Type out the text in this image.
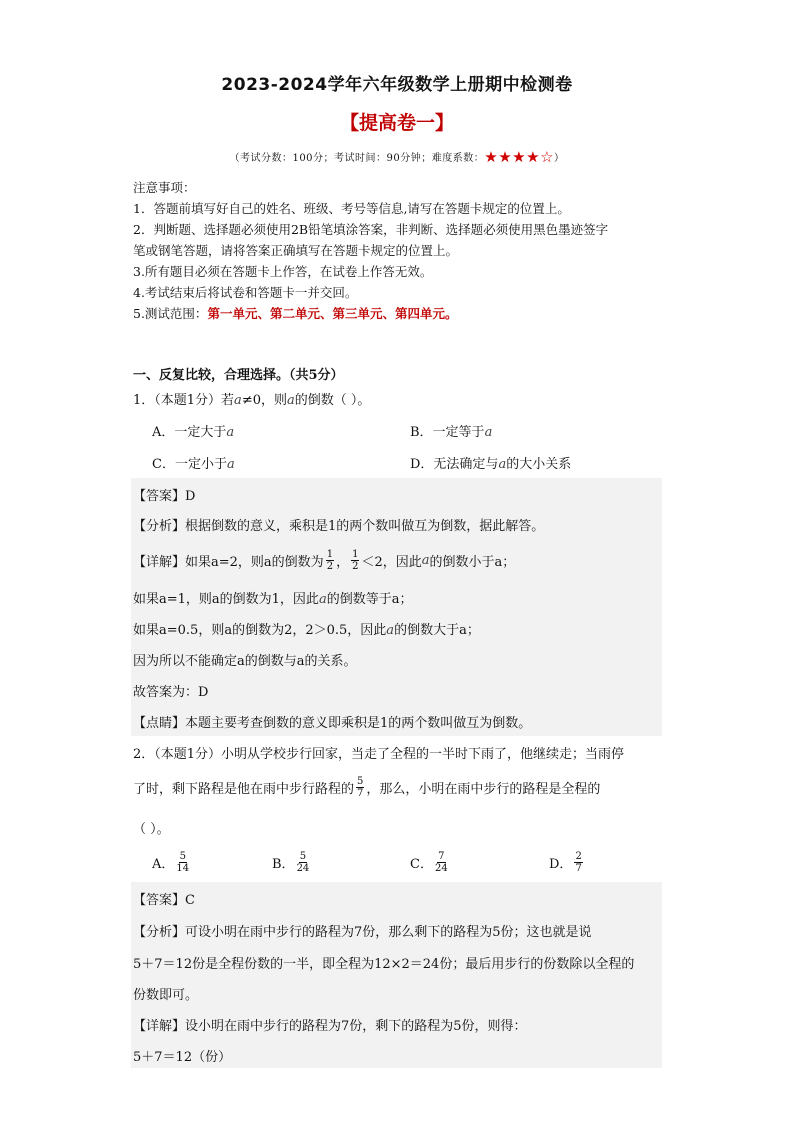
2023-2024学年六年级数学上册期中检测卷
【提高卷一】
（考试分数：100分；考试时间：90分钟；难度系数：★★★★☆）
注意事项：
1．答题前填写好自己的姓名、班级、考号等信息,请写在答题卡规定的位置上。
2．判断题、选择题必须使用2B铅笔填涂答案，非判断、选择题必须使用黑色墨迹签字
笔或钢笔答题，请将答案正确填写在答题卡规定的位置上。
3.所有题目必须在答题卡上作答，在试卷上作答无效。
4.考试结束后将试卷和答题卡一并交回。
5.测试范围：第一单元、第二单元、第三单元、第四单元。
一、反复比较，合理选择。（共5分）
1．（本题1分）若a≠0，则a的倒数（ ）。
A．一定大于a	B．一定等于a
C．一定小于a	D．无法确定与a的大小关系
【答案】D
【分析】根据倒数的意义，乘积是1的两个数叫做互为倒数，据此解答。
【详解】 如果a=2，则a的倒数为 $\frac{1}{2}$ ， $\frac{1}{2} <2$，因此 a 的倒数小于a；
如果a=1，则a的倒数为1，因此a的倒数等于a；
如果a=0.5，则a的倒数为2，2＞0.5，因此a的倒数大于a；
因为所以不能确定a的倒数与a的关系。
故答案为：D
【点睛】本题主要考查倒数的意义即乘积是1的两个数叫做互为倒数。
2．（本题1分）小明从学校步行回家，当走了全程的一半时下雨了，他继续走；当雨停
了时，剩下路程是他在雨中步行路程的 $\frac{5}{7}$ ，那么，小明在雨中步行的路程是全程的
（ ）。
A． $\frac{5}{14}$	B． $\frac{5}{24}$	C． $\frac{7}{24}$	D． $\frac{2}{7}$
【答案】C
【分析】可设小明在雨中步行的路程为7份，那么剩下的路程为5份；这也就是说
5＋7＝12份是全程份数的一半，即全程为12×2＝24份；最后用步行的份数除以全程的
份数即可。
【详解】设小明在雨中步行的路程为7份，剩下的路程为5份，则得：
5＋7＝12（份）
